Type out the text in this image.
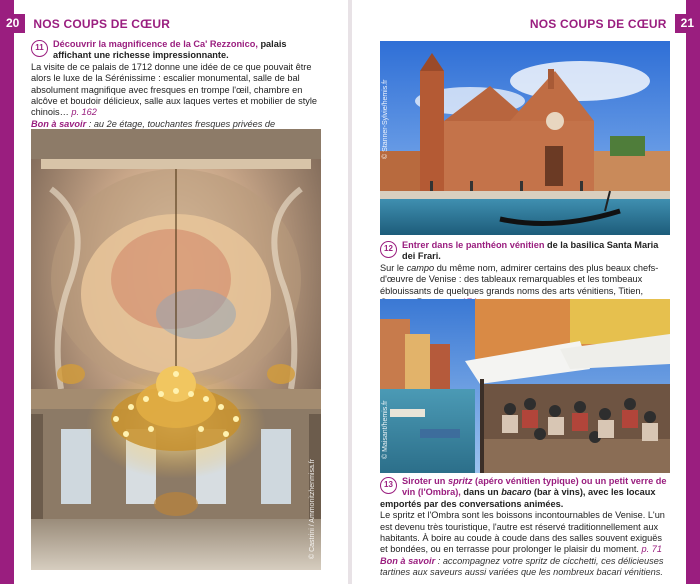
20	NOS COUPS DE CŒUR
11	Découvrir la magnificence de la Ca' Rezzonico, palais affichant une richesse impressionnante.
La visite de ce palais de 1712 donne une idée de ce que pouvait être alors le luxe de la Sérénissime : escalier monumental, salle de bal absolument magnifique avec fresques en trompe l'œil, chambre en alcôve et boudoir délicieux, salle aux laques vertes et mobilier de style chinois… p. 162
Bon à savoir : au 2e étage, touchantes fresques privées de
© Castrini / Ammonitzhenmisa.fr
NOS COUPS DE CŒUR	21
© Stanner-Sylvie/hemis.fr
12 Entrer dans le panthéon vénitien de la basilica Santa Maria dei Frari.
Sur le campo du même nom, admirer certains des plus beaux chefs-d'œuvre de Venise : des tableaux remarquables et les tombeaux éblouissants de quelques grands noms des arts vénitiens, Titien,

© Maisant/hemis.fr
13 Siroter un spritz (apéro vénitien typique) ou un petit verre de vin (l'Ombra), dans un bacaro (bar à vins), avec les locaux emportés par des conversations animées.
Le spritz et l'Ombra sont les boissons incontournables de Venise. L'un est devenu très touristique, l'autre est réservé traditionnellement aux habitants. À boire au coude à coude dans des salles souvent exiguës et bondées, ou en terrasse pour prolonger le plaisir du moment. p. 71
Bon à savoir : accompagnez votre spritz de cicchetti, ces délicieuses tartines aux saveurs aussi variées que les nombreux bacari vénitiens.
